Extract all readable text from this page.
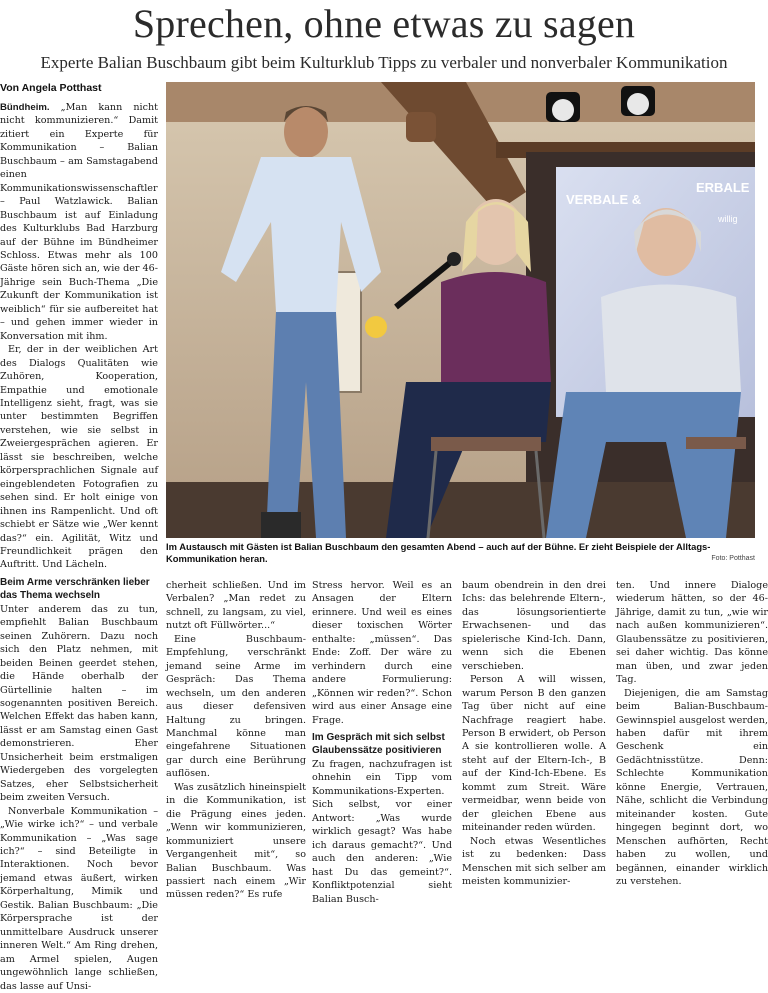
Sprechen, ohne etwas zu sagen
Experte Balian Buschbaum gibt beim Kulturklub Tipps zu verbaler und nonverbaler Kommunikation
Von Angela Potthast

Bündheim. „Man kann nicht nicht kommunizieren.“ Damit zitiert ein Experte für Kommunikation – Balian Buschbaum – am Samstagabend einen Kommunikationswissenschaftler – Paul Watzlawick. Balian Buschbaum ist auf Einladung des Kulturklubs Bad Harzburg auf der Bühne im Bündheimer Schloss. Etwas mehr als 100 Gäste hören sich an, wie der 46-Jährige sein Buch-Thema „Die Zukunft der Kommunikation ist weiblich“ für sie aufbereitet hat – und gehen immer wieder in Konversation mit ihm.

Er, der in der weiblichen Art des Dialogs Qualitäten wie Zuhören, Kooperation, Empathie und emotionale Intelligenz sieht, fragt, was sie unter bestimmten Begriffen verstehen, wie sie selbst in Zweiergesprächen agieren. Er lässt sie beschreiben, welche körpersprachlichen Signale auf eingeblendeten Fotografien zu sehen sind. Er holt einige von ihnen ins Rampenlicht. Und oft schiebt er Sätze wie „Wer kennt das?“ ein. Agilität, Witz und Freundlichkeit prägen den Auftritt. Und Lächeln.

Beim Arme verschränken lieber das Thema wechseln

Unter anderem das zu tun, empfiehlt Balian Buschbaum seinen Zuhörern. Dazu noch sich den Platz nehmen, mit beiden Beinen geerdet stehen, die Hände oberhalb der Gürtellinie halten – im sogenannten positiven Bereich. Welchen Effekt das haben kann, lässt er am Samstag einen Gast demonstrieren. Eher Unsicherheit beim erstmaligen Wiedergeben des vorgelegten Satzes, eher Selbstsicherheit beim zweiten Versuch.

Nonverbale Kommunikation – „Wie wirke ich?“ – und verbale Kommunikation – „Was sage ich?“ – sind Beteiligte in Interaktionen. Noch bevor jemand etwas äußert, wirken Körperhaltung, Mimik und Gestik. Balian Buschbaum: „Die Körpersprache ist der unmittelbare Ausdruck unserer inneren Welt.“ Am Ring drehen, am Armel spielen, Augen ungewöhnlich lange schließen, das lasse auf Unsi-

VERBALE &
ERBALE
willig
Im Austausch mit Gästen ist Balian Buschbaum den gesamten Abend – auch auf der Bühne. Er zieht Beispiele der Alltags-Kommunikation heran.	Foto: Potthast

cherheit schließen. Und im Verbalen? „Man redet zu schnell, zu langsam, zu viel, nutzt oft Füllwörter...“

Eine Buschbaum-Empfehlung, verschränkt jemand seine Arme im Gespräch: Das Thema wechseln, um den anderen aus dieser defensiven Haltung zu bringen. Manchmal könne man eingefahrene Situationen gar durch eine Berührung auflösen.

Was zusätzlich hineinspielt in die Kommunikation, ist die Prägung eines jeden. „Wenn wir kommunizieren, kommuniziert unsere Vergangenheit mit“, so Balian Buschbaum. Was passiert nach einem „Wir müssen reden?“ Es rufe

Stress hervor. Weil es an Ansagen der Eltern erinnere. Und weil es eines dieser toxischen Wörter enthalte: „müssen“. Das Ende: Zoff. Der wäre zu verhindern durch eine andere Formulierung: „Können wir reden?“. Schon wird aus einer Ansage eine Frage.

Im Gespräch mit sich selbst Glaubenssätze positivieren

Zu fragen, nachzufragen ist ohnehin ein Tipp vom Kommunikations-Experten. Sich selbst, vor einer Antwort: „Was wurde wirklich gesagt? Was habe ich daraus gemacht?“. Und auch den anderen: „Wie hast Du das gemeint?“. Konfliktpotenzial sieht Balian Busch-

baum obendrein in den drei Ichs: das belehrende Eltern-, das lösungsorientierte Erwachsenen- und das spielerische Kind-Ich. Dann, wenn sich die Ebenen verschieben.

Person A will wissen, warum Person B den ganzen Tag über nicht auf eine Nachfrage reagiert habe. Person B erwidert, ob Person A sie kontrollieren wolle. A steht auf der Eltern-Ich-, B auf der Kind-Ich-Ebene. Es kommt zum Streit. Wäre vermeidbar, wenn beide von der gleichen Ebene aus miteinander reden würden.

Noch etwas Wesentliches ist zu bedenken: Dass Menschen mit sich selber am meisten kommunizier-

ten. Und innere Dialoge wiederum hätten, so der 46-Jährige, damit zu tun, „wie wir nach außen kommunizieren“. Glaubenssätze zu positivieren, sei daher wichtig. Das könne man üben, und zwar jeden Tag.

Diejenigen, die am Samstag beim Balian-Buschbaum-Gewinnspiel ausgelost werden, haben dafür mit ihrem Geschenk ein Gedächtnisstütze. Denn: Schlechte Kommunikation könne Energie, Vertrauen, Nähe, schlicht die Verbindung miteinander kosten. Gute hingegen beginnt dort, wo Menschen aufhörten, Recht haben zu wollen, und begännen, einander wirklich zu verstehen.
